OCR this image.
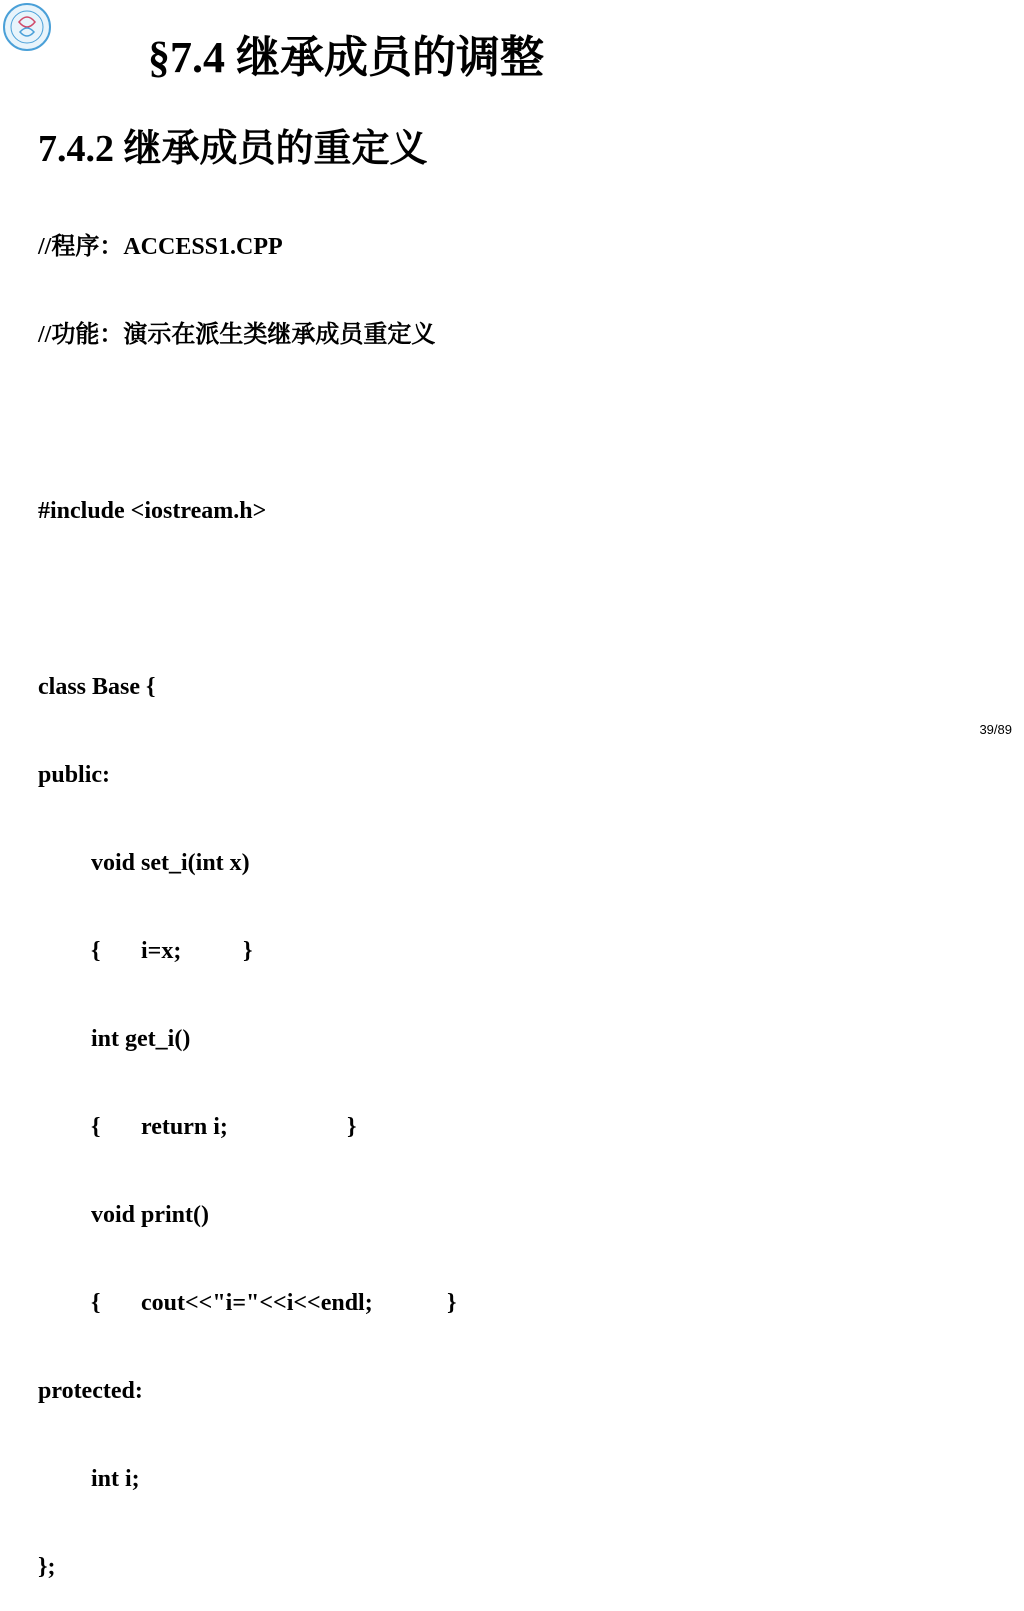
§7.4 继承成员的调整
7.4.2 继承成员的重定义

//程序：ACCESS1.CPP

//功能：演示在派生类继承成员重定义

#include <iostream.h>

class Base {

public:

void set_i(int x)

{ i=x;	}

int get_i()

{ return i;	}

void print()

{ cout<<"i="<<i<<endl;	}

protected:

int i;

};

39/89
